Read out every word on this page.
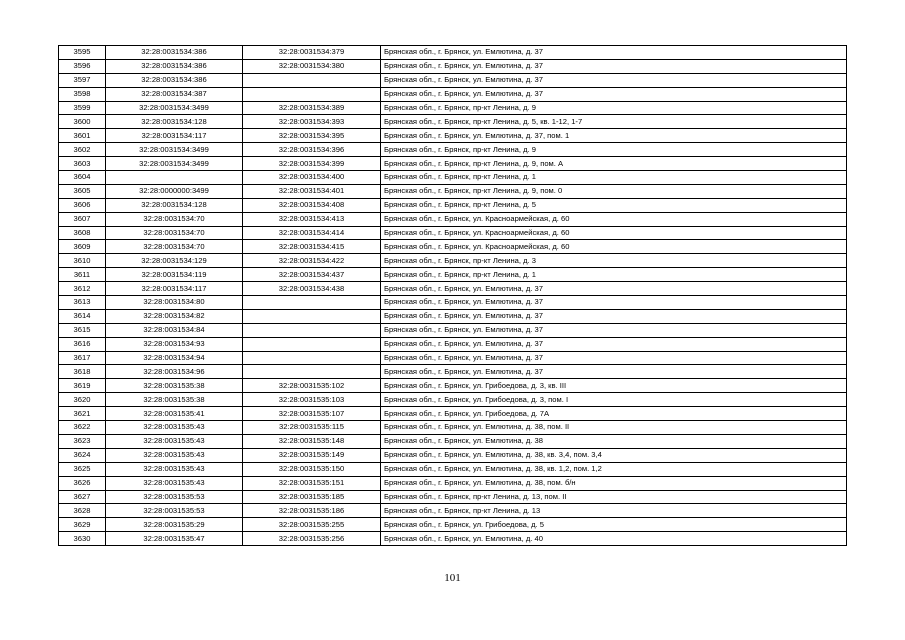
3595	32:28:0031534:386	32:28:0031534:379	Брянская обл., г. Брянск, ул. Емлютина, д. 37
3596	32:28:0031534:386	32:28:0031534:380	Брянская обл., г. Брянск, ул. Емлютина, д. 37
3597	32:28:0031534:386		Брянская обл., г. Брянск, ул. Емлютина, д. 37
3598	32:28:0031534:387		Брянская обл., г. Брянск, ул. Емлютина, д. 37
3599	32:28:0031534:3499	32:28:0031534:389	Брянская обл., г. Брянск, пр-кт Ленина, д. 9
3600	32:28:0031534:128	32:28:0031534:393	Брянская обл., г. Брянск, пр-кт Ленина, д. 5, кв. 1-12, 1-7
3601	32:28:0031534:117	32:28:0031534:395	Брянская обл., г. Брянск, ул. Емлютина, д. 37, пом. 1
3602	32:28:0031534:3499	32:28:0031534:396	Брянская обл., г. Брянск, пр-кт Ленина, д. 9
3603	32:28:0031534:3499	32:28:0031534:399	Брянская обл., г. Брянск, пр-кт Ленина, д. 9, пом. А
3604		32:28:0031534:400	Брянская обл., г. Брянск, пр-кт Ленина, д. 1
3605	32:28:0000000:3499	32:28:0031534:401	Брянская обл., г. Брянск, пр-кт Ленина, д. 9, пом. 0
3606	32:28:0031534:128	32:28:0031534:408	Брянская обл., г. Брянск, пр-кт Ленина, д. 5
3607	32:28:0031534:70	32:28:0031534:413	Брянская обл., г. Брянск, ул. Красноармейская, д. 60
3608	32:28:0031534:70	32:28:0031534:414	Брянская обл., г. Брянск, ул. Красноармейская, д. 60
3609	32:28:0031534:70	32:28:0031534:415	Брянская обл., г. Брянск, ул. Красноармейская, д. 60
3610	32:28:0031534:129	32:28:0031534:422	Брянская обл., г. Брянск, пр-кт Ленина, д. 3
3611	32:28:0031534:119	32:28:0031534:437	Брянская обл., г. Брянск, пр-кт Ленина, д. 1
3612	32:28:0031534:117	32:28:0031534:438	Брянская обл., г. Брянск, ул. Емлютина, д. 37
3613	32:28:0031534:80		Брянская обл., г. Брянск, ул. Емлютина, д. 37
3614	32:28:0031534:82		Брянская обл., г. Брянск, ул. Емлютина, д. 37
3615	32:28:0031534:84		Брянская обл., г. Брянск, ул. Емлютина, д. 37
3616	32:28:0031534:93		Брянская обл., г. Брянск, ул. Емлютина, д. 37
3617	32:28:0031534:94		Брянская обл., г. Брянск, ул. Емлютина, д. 37
3618	32:28:0031534:96		Брянская обл., г. Брянск, ул. Емлютина, д. 37
3619	32:28:0031535:38	32:28:0031535:102	Брянская обл., г. Брянск, ул. Грибоедова, д. 3, кв. III
3620	32:28:0031535:38	32:28:0031535:103	Брянская обл., г. Брянск, ул. Грибоедова, д. 3, пом. I
3621	32:28:0031535:41	32:28:0031535:107	Брянская обл., г. Брянск, ул. Грибоедова, д. 7А
3622	32:28:0031535:43	32:28:0031535:115	Брянская обл., г. Брянск, ул. Емлютина, д. 38, пом. II
3623	32:28:0031535:43	32:28:0031535:148	Брянская обл., г. Брянск, ул. Емлютина, д. 38
3624	32:28:0031535:43	32:28:0031535:149	Брянская обл., г. Брянск, ул. Емлютина, д. 38, кв. 3,4, пом. 3,4
3625	32:28:0031535:43	32:28:0031535:150	Брянская обл., г. Брянск, ул. Емлютина, д. 38, кв. 1,2, пом. 1,2
3626	32:28:0031535:43	32:28:0031535:151	Брянская обл., г. Брянск, ул. Емлютина, д. 38, пом. б/н
3627	32:28:0031535:53	32:28:0031535:185	Брянская обл., г. Брянск, пр-кт Ленина, д. 13, пом. II
3628	32:28:0031535:53	32:28:0031535:186	Брянская обл., г. Брянск, пр-кт Ленина, д. 13
3629	32:28:0031535:29	32:28:0031535:255	Брянская обл., г. Брянск, ул. Грибоедова, д. 5
3630	32:28:0031535:47	32:28:0031535:256	Брянская обл., г. Брянск, ул. Емлютина, д. 40
101
